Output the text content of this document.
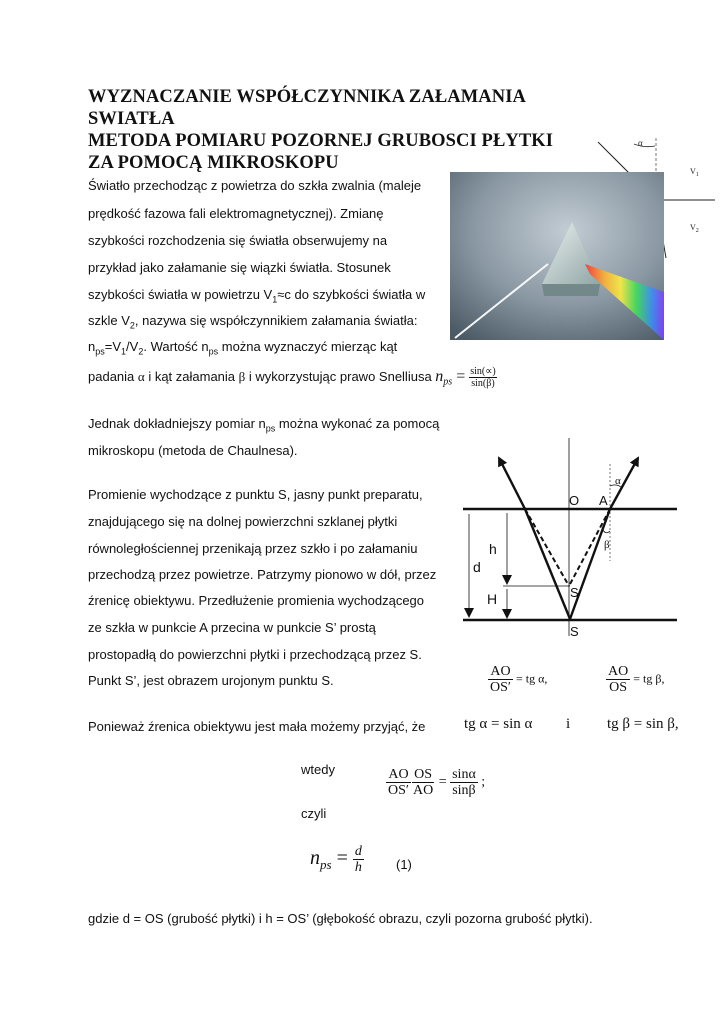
WYZNACZANIE WSPÓŁCZYNNIKA ZAŁAMANIA SWIATŁA
METODA POMIARU POZORNEJ GRUBOSCI PŁYTKI
ZA POMOCĄ MIKROSKOPU
α
$V_1$
$V_2$
Światło przechodząc z powietrza do szkła zwalnia (maleje
prędkość fazowa fali elektromagnetycznej). Zmianę
szybkości rozchodzenia się światła obserwujemy na
przykład jako załamanie się wiązki światła. Stosunek
szybkości światła w powietrzu $V_1\approx c$ do szybkości światła w
szkle $V_2$, nazywa się współczynnikiem załamania światła:
$n_{ps}=V_1/V_2$. Wartość $n_{ps}$ można wyznaczyć mierząc kąt
padania α i kąt załamania β i wykorzystując prawo Snelliusa $n_{ps} = \frac{\sin(\propto)}{\sin(\beta)}$
Jednak dokładniejszy pomiar $n_{ps}$ można wykonać za pomocą
mikroskopu (metoda de Chaulnesa).
Promienie wychodzące z punktu S, jasny punkt preparatu,
znajdującego się na dolnej powierzchni szklanej płytki
równoległościennej przenikają przez szkło i po załamaniu
przechodzą przez powietrze. Patrzymy pionowo w dół, przez
źrenicę obiektywu. Przedłużenie promienia wychodzącego
ze szkła w punkcie A przecina w punkcie S’ prostą
prostopadłą do powierzchni płytki i przechodzącą przez S.
Punkt S’, jest obrazem urojonym punktu S.
O A
α
β
h
d
H	S
S
$\frac{AO}{OS'}$ = tg α,	$\frac{AO}{OS}$ = tg β,
Ponieważ źrenica obiektywu jest mała możemy przyjąć, że	tg α = sin α i tg β = sin β,
wtedy	$\frac{AO}{OS'} \frac{OS}{AO} = \frac{\sin\alpha}{\sin\beta}$ ;
czyli
$n_{ps} = \frac{d}{h} (1)$
gdzie d = OS (grubość płytki) i h = OS’ (głębokość obrazu, czyli pozorna grubość płytki).
